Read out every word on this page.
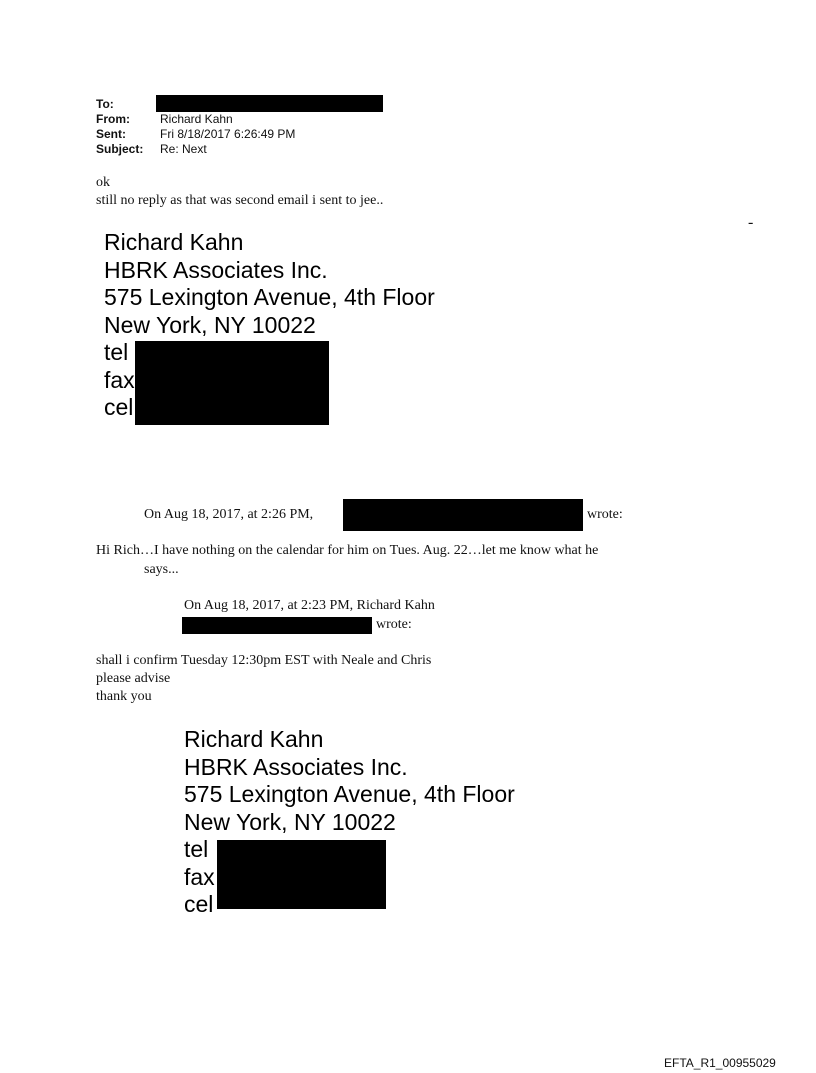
To:
From:
Sent:
Subject:
Richard Kahn
Fri 8/18/2017 6:26:49 PM
Re: Next
ok
still no reply as that was second email i sent to jee..
-
Richard Kahn
HBRK Associates Inc.
575 Lexington Avenue, 4th Floor
New York, NY 10022
tel
fax
cel
On Aug 18, 2017, at 2:26 PM,	wrote:
Hi Rich…I have nothing on the calendar for him on Tues. Aug. 22…let me know what he
says...
On Aug 18, 2017, at 2:23 PM, Richard Kahn
wrote:
shall i confirm Tuesday 12:30pm EST with Neale and Chris
please advise
thank you
Richard Kahn
HBRK Associates Inc.
575 Lexington Avenue, 4th Floor
New York, NY 10022
tel
fax
cel
EFTA_R1_00955029
